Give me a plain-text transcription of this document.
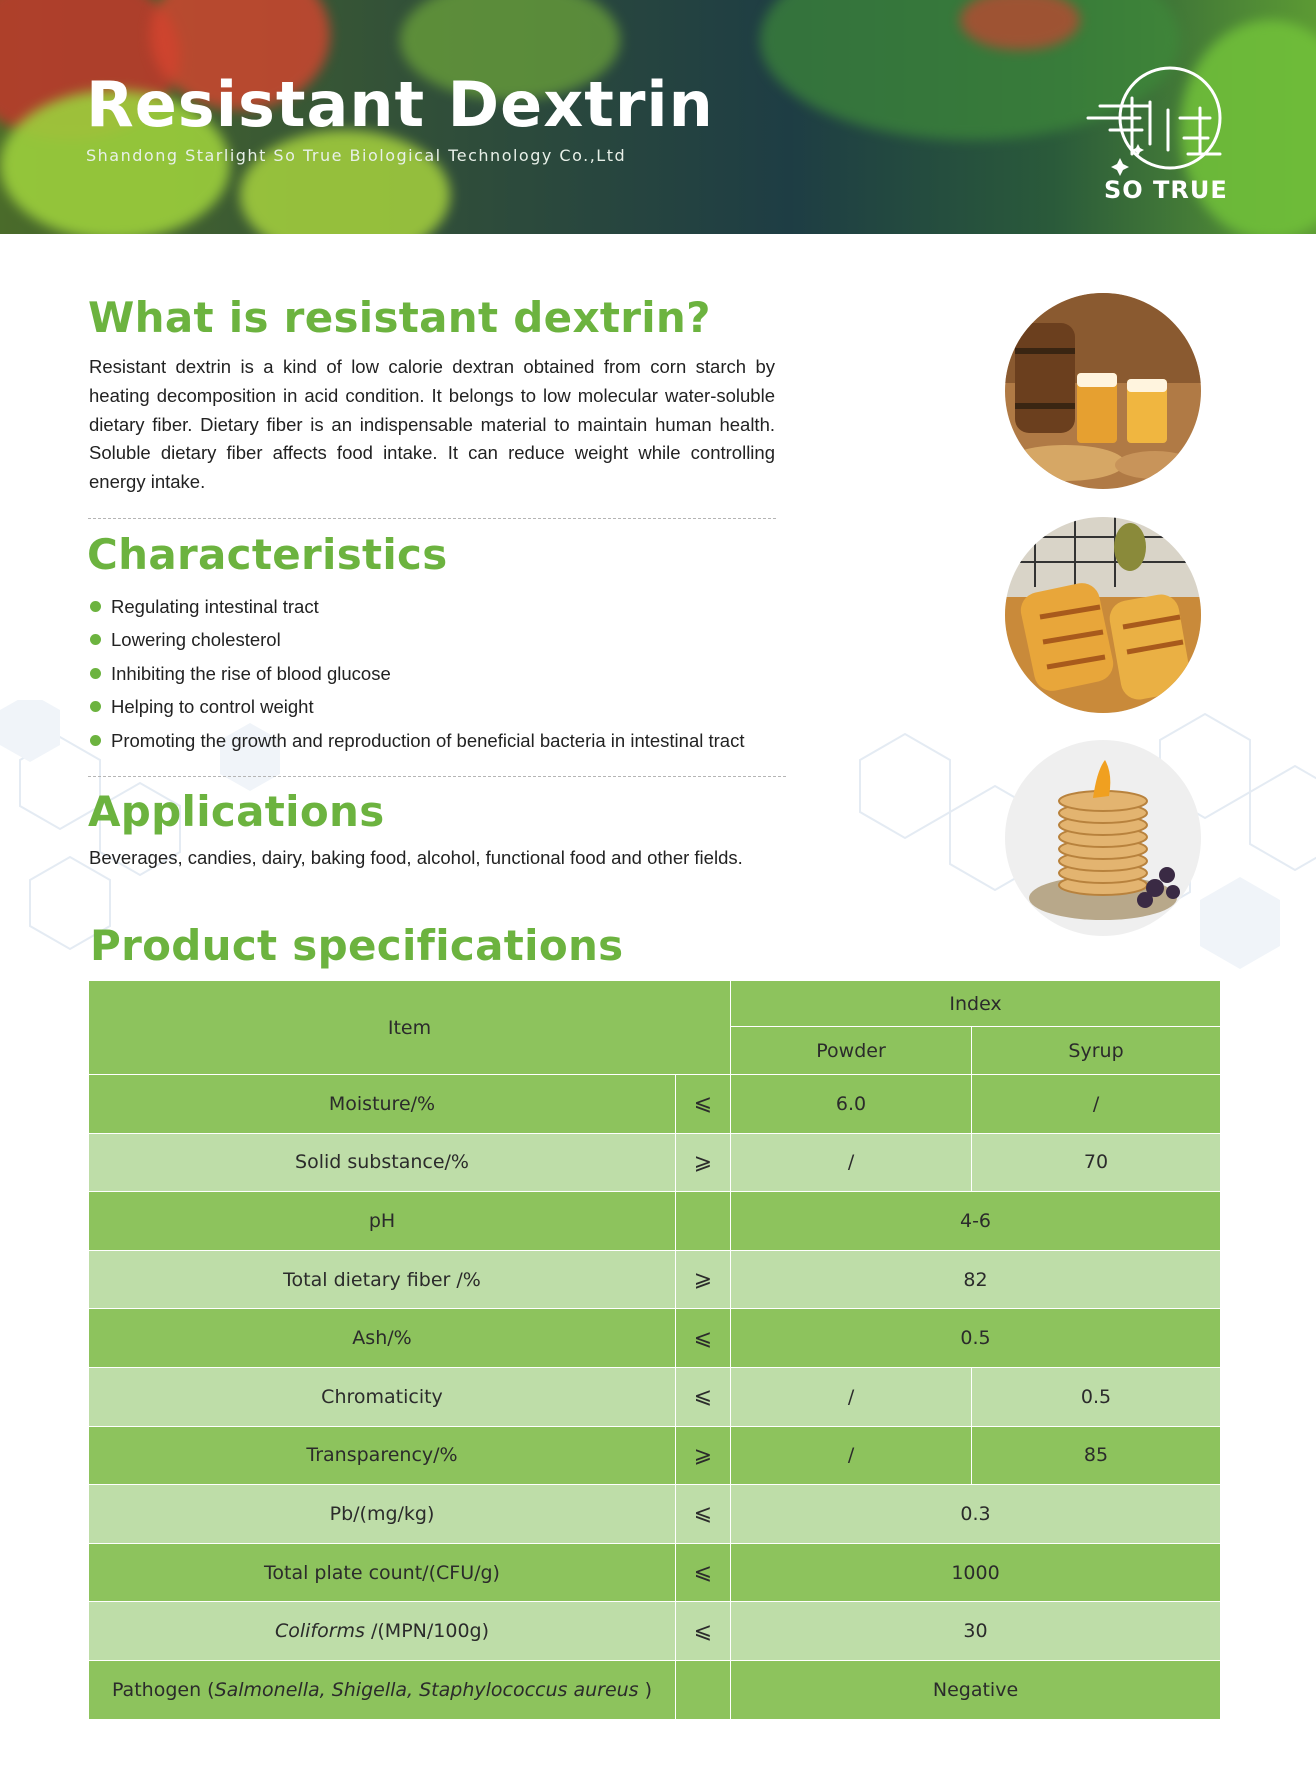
Resistant Dextrin
Shandong Starlight So True Biological Technology Co.,Ltd
SO TRUE
What is resistant dextrin?

Resistant dextrin is a kind of low calorie dextran obtained from corn starch by heating decomposition in acid condition. It belongs to low molecular water-soluble dietary fiber. Dietary fiber is an indispensable material to maintain human health. Soluble dietary fiber affects food intake. It can reduce weight while controlling energy intake.

Characteristics
Regulating intestinal tract
Lowering cholesterol
Inhibiting the rise of blood glucose
Helping to control weight
Promoting the growth and reproduction of beneficial bacteria in intestinal tract
Applications

Beverages, candies, dairy, baking food, alcohol, functional food and other fields.

Product specifications
Item		Index	
		Powder	Syrup
Moisture/%	⩽	6.0	/
Solid substance/%	⩾	/	70
pH		4-6	
Total dietary fiber /%	⩾	82	
Ash/%	⩽	0.5	
Chromaticity	⩽	/	0.5
Transparency/%	⩾	/	85
Pb/(mg/kg)	⩽	0.3	
Total plate count/(CFU/g)	⩽	1000	
Coliforms /(MPN/100g)	⩽	30	
Pathogen (Salmonella, Shigella, Staphylococcus aureus )		Negative	
